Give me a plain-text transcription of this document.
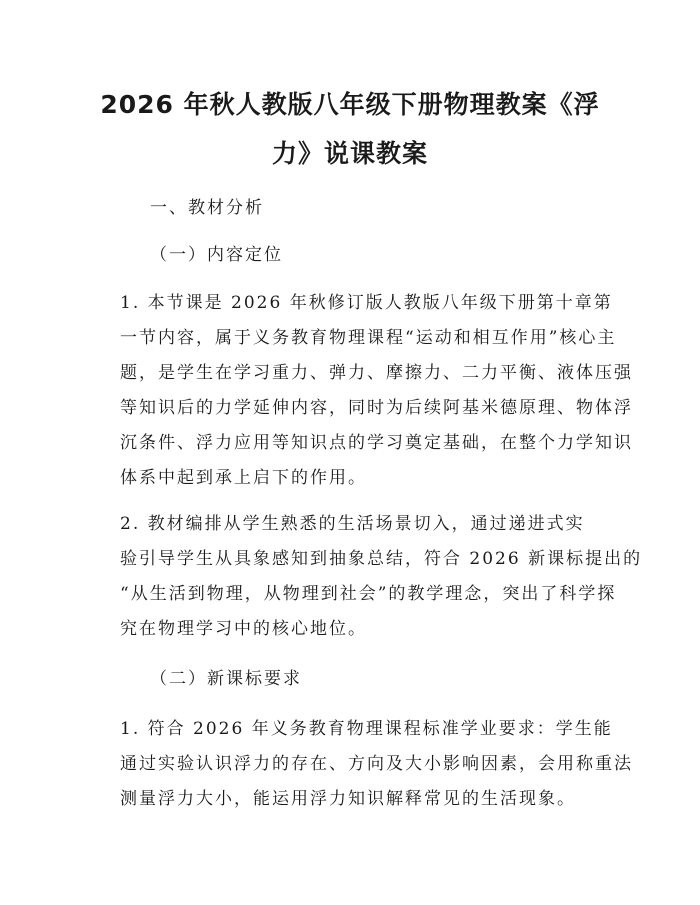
2026 年秋人教版八年级下册物理教案《浮
力》说课教案
一、教材分析
（一）内容定位
1. 本节课是 2026 年秋修订版人教版八年级下册第十章第
一节内容，属于义务教育物理课程“运动和相互作用”核心主
题，是学生在学习重力、弹力、摩擦力、二力平衡、液体压强
等知识后的力学延伸内容，同时为后续阿基米德原理、物体浮
沉条件、浮力应用等知识点的学习奠定基础，在整个力学知识
体系中起到承上启下的作用。
2. 教材编排从学生熟悉的生活场景切入，通过递进式实
验引导学生从具象感知到抽象总结，符合 2026 新课标提出的
“从生活到物理，从物理到社会”的教学理念，突出了科学探
究在物理学习中的核心地位。
（二）新课标要求
1. 符合 2026 年义务教育物理课程标准学业要求：学生能
通过实验认识浮力的存在、方向及大小影响因素，会用称重法
测量浮力大小，能运用浮力知识解释常见的生活现象。
